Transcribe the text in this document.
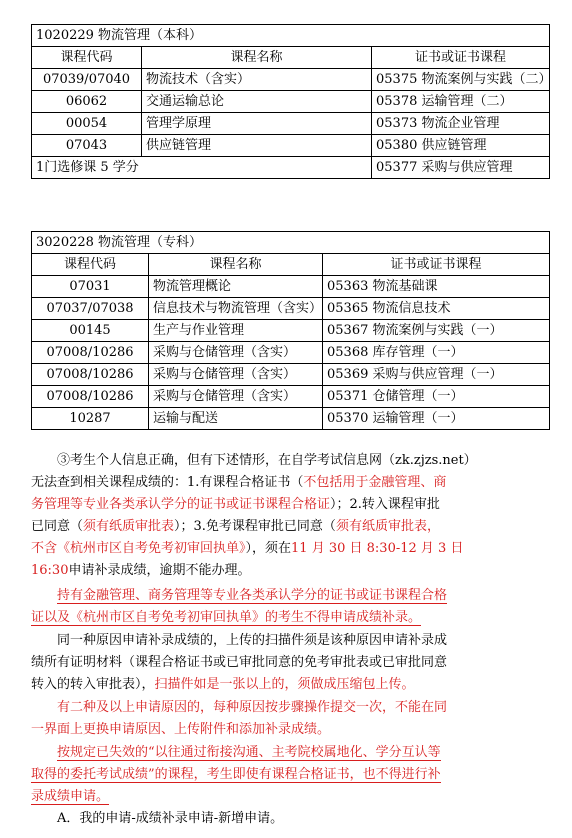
1020229 物流管理（本科）		
课程代码	课程名称	证书或证书课程
07039/07040	物流技术（含实）	05375 物流案例与实践（二）
06062	交通运输总论	05378 运输管理（二）
00054	管理学原理	05373 物流企业管理
07043	供应链管理	05380 供应链管理
1门选修课 5 学分		05377 采购与供应管理
3020228 物流管理（专科）		
课程代码	课程名称	证书或证书课程
07031	物流管理概论	05363 物流基础课
07037/07038	信息技术与物流管理（含实）	05365 物流信息技术
00145	生产与作业管理	05367 物流案例与实践（一）
07008/10286	采购与仓储管理（含实）	05368 库存管理（一）
07008/10286	采购与仓储管理（含实）	05369 采购与供应管理（一）
07008/10286	采购与仓储管理（含实）	05371 仓储管理（一）
10287	运输与配送	05370 运输管理（一）
③考生个人信息正确，但有下述情形，在自学考试信息网（zk.zjzs.net）
无法查到相关课程成绩的：1.有课程合格证书（不包括用于金融管理、商
务管理等专业各类承认学分的证书或证书课程合格证）；2.转入课程审批
已同意（须有纸质审批表）；3.免考课程审批已同意（须有纸质审批表，
不含《杭州市区自考免考初审回执单》），须在11 月 30 日 8:30-12 月 3 日
16:30申请补录成绩，逾期不能办理。
持有金融管理、商务管理等专业各类承认学分的证书或证书课程合格
证以及《杭州市区自考免考初审回执单》的考生不得申请成绩补录。
同一种原因申请补录成绩的，上传的扫描件须是该种原因申请补录成
绩所有证明材料（课程合格证书或已审批同意的免考审批表或已审批同意
转入的转入审批表），扫描件如是一张以上的，须做成压缩包上传。
有二种及以上申请原因的，每种原因按步骤操作提交一次，不能在同
一界面上更换申请原因、上传附件和添加补录成绩。
按规定已失效的“以往通过衔接沟通、主考院校属地化、学分互认等
取得的委托考试成绩”的课程，考生即使有课程合格证书，也不得进行补
录成绩申请。
A．我的申请-成绩补录申请-新增申请。
